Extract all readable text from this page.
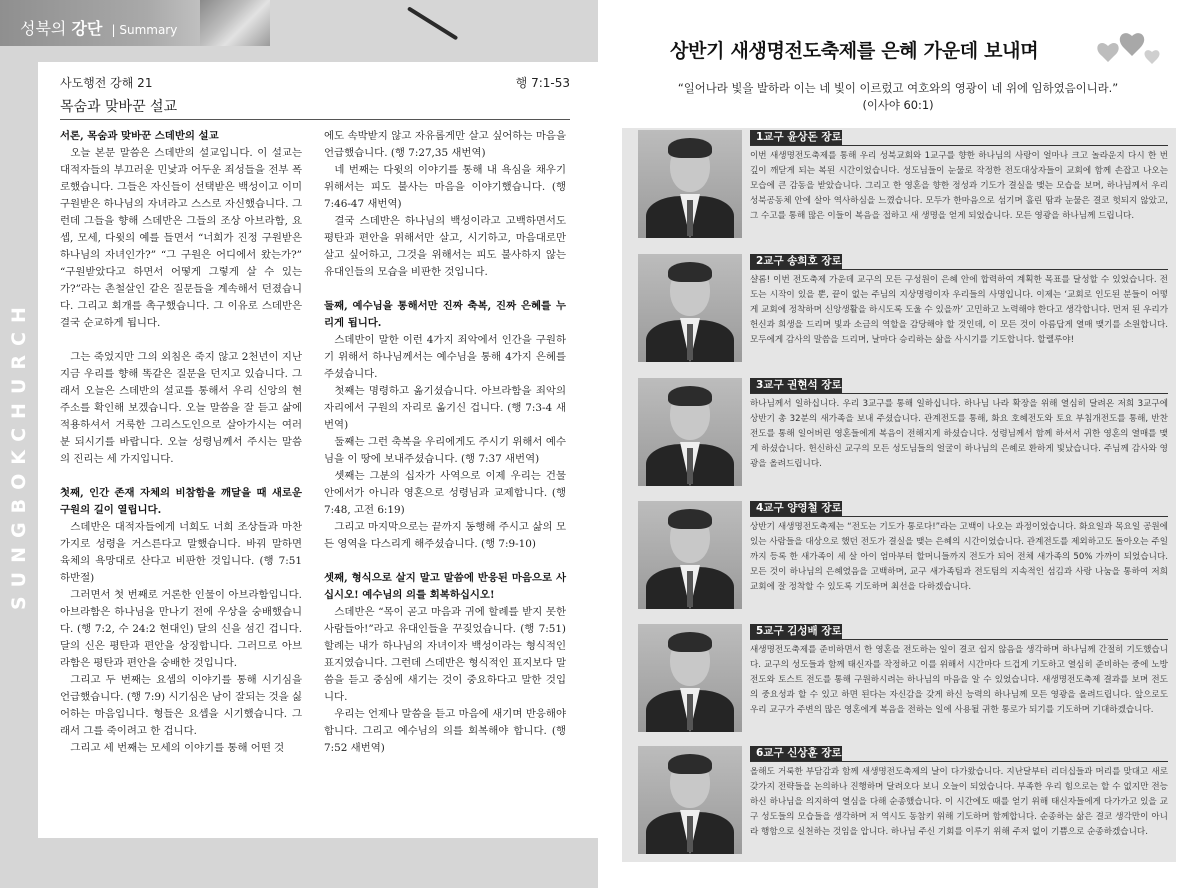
성북의 강단 | Summary
SUNGBOKCHURCH
사도행전 강해 21
목숨과 맞바꾼 설교
행 7:1-53

서론, 목숨과 맞바꾼 스데반의 설교

오늘 본문 말씀은 스데반의 설교입니다. 이 설교는 대적자들의 부끄러운 민낯과 어두운 죄성들을 전부 폭로했습니다. 그들은 자신들이 선택받은 백성이고 이미 구원받은 하나님의 자녀라고 스스로 자신했습니다. 그런데 그들을 향해 스데반은 그들의 조상 아브라함, 요셉, 모세, 다윗의 예를 들면서 “너희가 진정 구원받은 하나님의 자녀인가?” “그 구원은 어디에서 왔는가?” “구원받았다고 하면서 어떻게 그렇게 살 수 있는가?”라는 촌철살인 같은 질문들을 계속해서 던졌습니다. 그리고 회개를 촉구했습니다. 그 이유로 스데반은 결국 순교하게 됩니다.

그는 죽었지만 그의 외침은 죽지 않고 2천년이 지난 지금 우리를 향해 똑같은 질문을 던지고 있습니다. 그래서 오늘은 스데반의 설교를 통해서 우리 신앙의 현주소를 확인해 보겠습니다. 오늘 말씀을 잘 듣고 삶에 적용하셔서 거룩한 그리스도인으로 살아가시는 여러분 되시기를 바랍니다. 오늘 성령님께서 주시는 말씀의 진리는 세 가지입니다.

첫째, 인간 존재 자체의 비참함을 깨달을 때 새로운 구원의 길이 열립니다.

스데반은 대적자들에게 너희도 너희 조상들과 마찬가지로 성령을 거스른다고 말했습니다. 바꿔 말하면 육체의 욕망대로 산다고 비판한 것입니다. (행 7:51 하반절)

그러면서 첫 번째로 거론한 인물이 아브라함입니다. 아브라함은 하나님을 만나기 전에 우상을 숭배했습니다. (행 7:2, 수 24:2 현대인) 달의 신을 섬긴 겁니다. 달의 신은 평탄과 편안을 상징합니다. 그러므로 아브라함은 평탄과 편안을 숭배한 것입니다.

그리고 두 번째는 요셉의 이야기를 통해 시기심을 언급했습니다. (행 7:9) 시기심은 남이 잘되는 것을 싫어하는 마음입니다. 형들은 요셉을 시기했습니다. 그래서 그를 죽이려고 한 겁니다.

그리고 세 번째는 모세의 이야기를 통해 어떤 것

에도 속박받지 않고 자유롭게만 살고 싶어하는 마음을 언급했습니다. (행 7:27,35 새번역)

네 번째는 다윗의 이야기를 통해 내 욕심을 채우기 위해서는 피도 불사는 마음을 이야기했습니다. (행 7:46-47 새번역)

결국 스데반은 하나님의 백성이라고 고백하면서도 평탄과 편안을 위해서만 살고, 시기하고, 마음대로만 살고 싶어하고, 그것을 위해서는 피도 불사하지 않는 유대인들의 모습을 비판한 것입니다.

둘째, 예수님을 통해서만 진짜 축복, 진짜 은혜를 누리게 됩니다.

스데반이 말한 이런 4가지 죄악에서 인간을 구원하기 위해서 하나님께서는 예수님을 통해 4가지 은혜를 주셨습니다.

첫째는 명령하고 옮기셨습니다. 아브라함을 죄악의 자리에서 구원의 자리로 옮기신 겁니다. (행 7:3-4 새번역)

둘째는 그런 축복을 우리에게도 주시기 위해서 예수님을 이 땅에 보내주셨습니다. (행 7:37 새번역)

셋째는 그분의 십자가 사역으로 이제 우리는 건물 안에서가 아니라 영혼으로 성령님과 교제합니다. (행 7:48, 고전 6:19)

그리고 마지막으로는 끝까지 동행해 주시고 삶의 모든 영역을 다스리게 해주셨습니다. (행 7:9-10)

셋째, 형식으로 살지 말고 말씀에 반응된 마음으로 사십시오! 예수님의 의를 회복하십시오!

스데반은 “목이 곧고 마음과 귀에 할례를 받지 못한 사람들아!”라고 유대인들을 꾸짖었습니다. (행 7:51) 할례는 내가 하나님의 자녀이자 백성이라는 형식적인 표지였습니다. 그런데 스데반은 형식적인 표지보다 말씀을 듣고 중심에 새기는 것이 중요하다고 말한 것입니다.

우리는 언제나 말씀을 듣고 마음에 새기며 반응해야 합니다. 그리고 예수님의 의를 회복해야 합니다. (행 7:52 새번역)

상반기 새생명전도축제를 은혜 가운데 보내며
“일어나라 빛을 발하라 이는 네 빛이 이르렀고 여호와의 영광이 네 위에 임하였음이니라.”
(이사야 60:1)
1교구 윤상돈 장로
이번 새생명전도축제를 통해 우리 성북교회와 1교구를 향한 하나님의 사랑이 얼마나 크고 놀라운지 다시 한 번 깊이 깨닫게 되는 복된 시간이었습니다. 성도님들이 눈물로 작정한 전도대상자들이 교회에 함께 손잡고 나오는 모습에 큰 감동을 받았습니다. 그리고 한 영혼을 향한 정성과 기도가 결실을 맺는 모습을 보며, 하나님께서 우리 성북공동체 안에 살아 역사하심을 느꼈습니다. 모두가 한마음으로 섬기며 흘린 땀과 눈물은 결코 헛되지 않았고, 그 수고를 통해 많은 이들이 복음을 접하고 새 생명을 얻게 되었습니다. 모든 영광을 하나님께 드립니다.
2교구 송희호 장로
샬롬! 이번 전도축제 가운데 교구의 모든 구성원이 은혜 안에 합력하여 계획한 목표를 달성할 수 있었습니다. 전도는 시작이 있을 뿐, 끝이 없는 주님의 지상명령이자 우리들의 사명입니다. 이제는 ‘교회로 인도된 분들이 어떻게 교회에 정착하며 신앙생활을 하시도록 도울 수 있을까’ 고민하고 노력해야 한다고 생각합니다. 먼저 된 우리가 헌신과 희생을 드리며 빛과 소금의 역할을 감당해야 할 것인데, 이 모든 것이 아름답게 열매 맺기를 소원합니다. 모두에게 감사의 말씀을 드리며, 날마다 승리하는 삶을 사시기를 기도합니다. 할렐루야!
3교구 권현석 장로
하나님께서 일하십니다. 우리 3교구를 통해 일하십니다. 하나님 나라 확장을 위해 열심히 달려온 저희 3교구에 상반기 총 32분의 새가족을 보내 주셨습니다. 관계전도를 통해, 화요 호혜전도와 토요 부침개전도를 통해, 반찬전도를 통해 일어버린 영혼들에게 복음이 전해지게 하셨습니다. 성령님께서 함께 하셔서 귀한 영혼의 열매를 맺게 하셨습니다. 헌신하신 교구의 모든 성도님들의 얼굴이 하나님의 은혜로 환하게 빛났습니다. 주님께 감사와 영광을 올려드립니다.
4교구 양영철 장로
상반기 새생명전도축제는 “전도는 기도가 통로다!”라는 고백이 나오는 과정이었습니다. 화요일과 목요일 공원에 있는 사람들을 대상으로 했던 전도가 결실을 맺는 은혜의 시간이었습니다. 관계전도를 제외하고도 돌아오는 주일까지 등록 한 새가족이 세 살 아이 엄마부터 할머니들까지 전도가 되어 전체 새가족의 50% 가까이 되었습니다. 모든 것이 하나님의 은혜였음을 고백하며, 교구 새가족팀과 전도팀의 지속적인 섬김과 사랑 나눔을 통하여 저희 교회에 잘 정착할 수 있도록 기도하며 최선을 다하겠습니다.
5교구 김성배 장로
새생명전도축제를 준비하면서 한 영혼을 전도하는 일이 결코 쉽지 않음을 생각하며 하나님께 간절히 기도했습니다. 교구의 성도들과 함께 태신자를 작정하고 이를 위해서 시간마다 드겁게 기도하고 열심히 준비하는 중에 노방전도와 토스트 전도를 통해 구원하시려는 하나님의 마음을 알 수 있었습니다. 새생명전도축제 결과를 보며 전도의 중요성과 할 수 있고 하면 된다는 자신감을 갖게 하신 능력의 하나님께 모든 영광을 올려드립니다. 앞으로도 우리 교구가 주변의 많은 영혼에게 복음을 전하는 일에 사용될 귀한 통로가 되기를 기도하며 기대하겠습니다.
6교구 신상훈 장로
올해도 거룩한 부담감과 함께 새생명전도축제의 날이 다가왔습니다. 지난달부터 리더십들과 머리를 맞대고 새로 갖가지 전략들을 논의하나 진행하며 달려오다 보니 오늘이 되었습니다. 부족한 우리 힘으로는 할 수 없지만 전능하신 하나님을 의지하여 열심을 다해 순종했습니다. 이 시간에도 때를 얻기 위해 태신자들에게 다가가고 있을 교구 성도들의 모습들을 생각하며 저 역시도 동참키 위해 기도하며 함께합니다. 순종하는 삶은 결코 생각만이 아니라 행함으로 실천하는 것임을 압니다. 하나님 주신 기회를 이루기 위해 주저 없이 기쁨으로 순종하겠습니다.
